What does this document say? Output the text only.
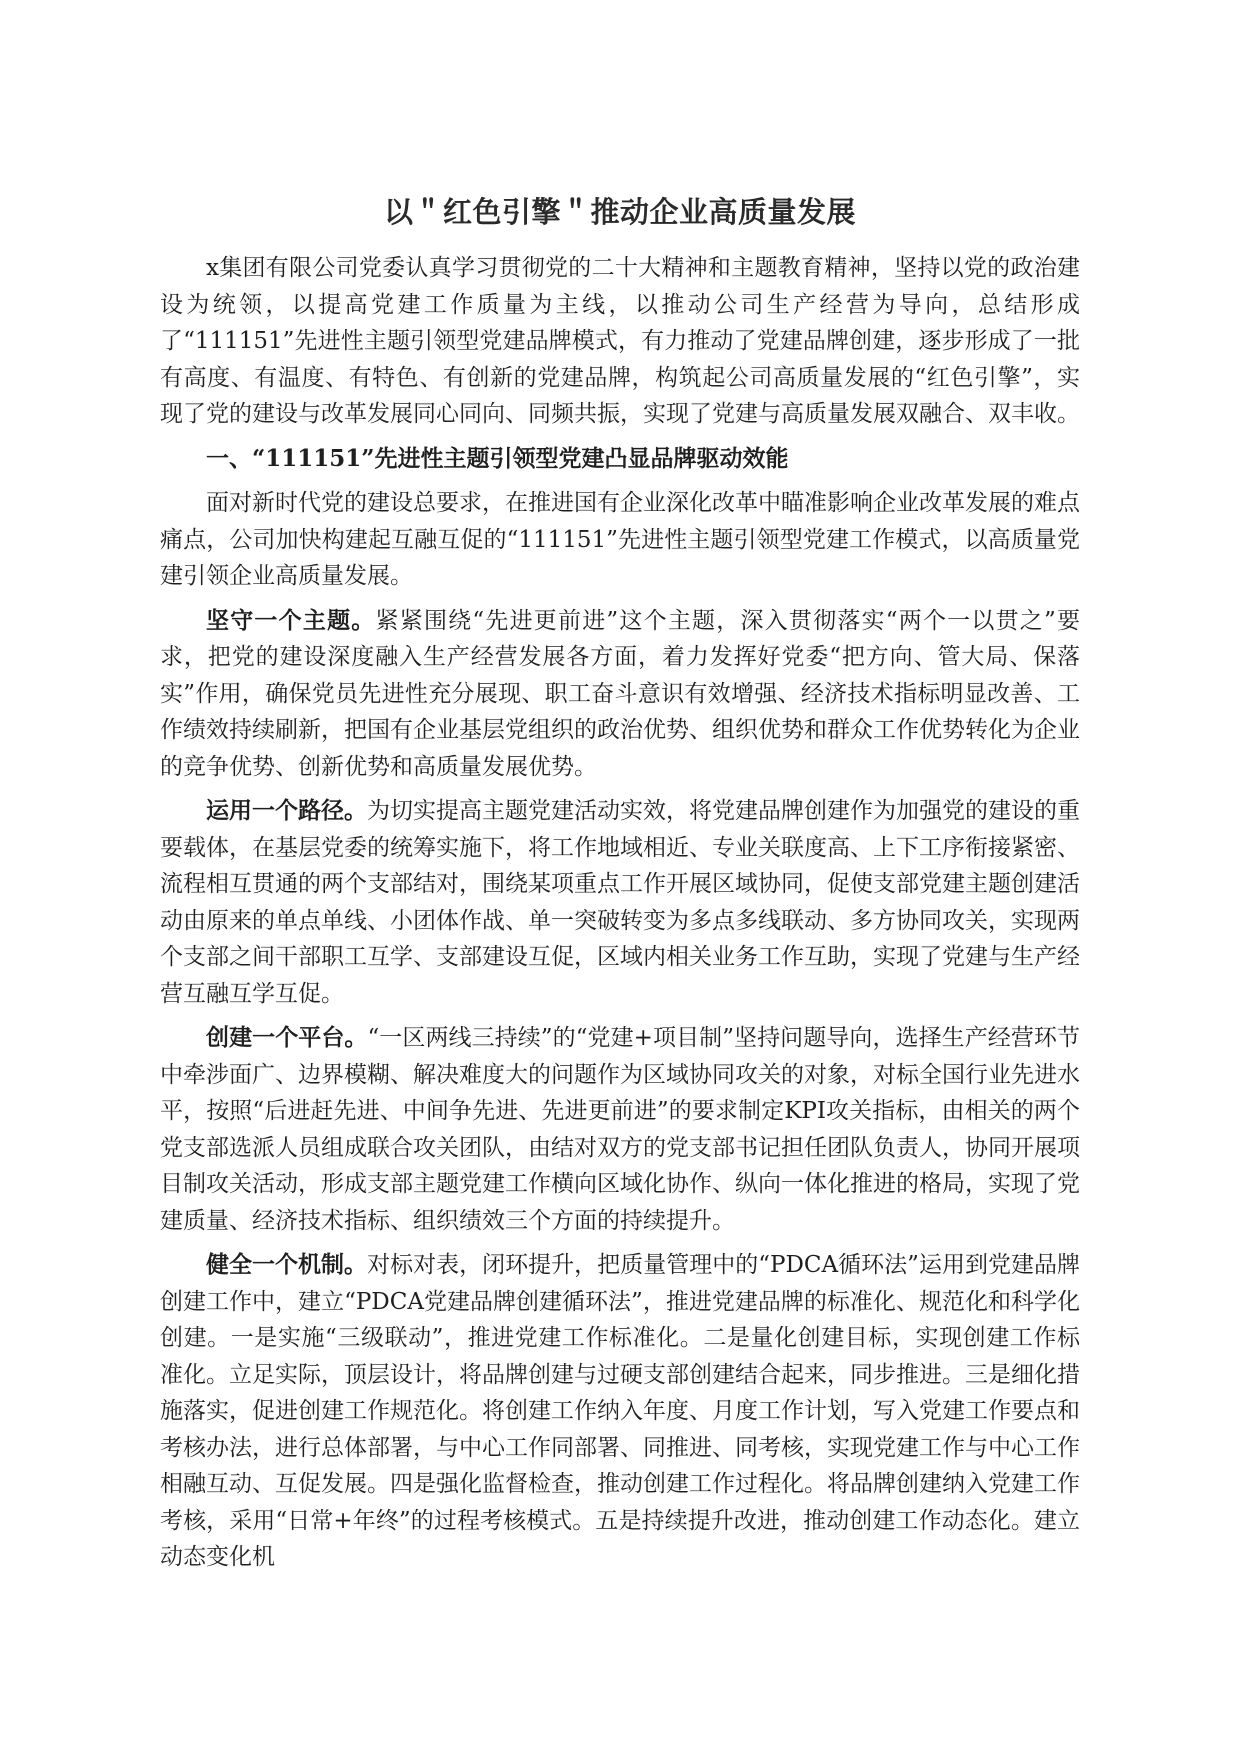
以＂红色引擎＂推动企业高质量发展

x集团有限公司党委认真学习贯彻党的二十大精神和主题教育精神，坚持以党的政治建设为统领，以提高党建工作质量为主线，以推动公司生产经营为导向，总结形成了“111151”先进性主题引领型党建品牌模式，有力推动了党建品牌创建，逐步形成了一批有高度、有温度、有特色、有创新的党建品牌，构筑起公司高质量发展的“红色引擎”，实现了党的建设与改革发展同心同向、同频共振，实现了党建与高质量发展双融合、双丰收。

一、“111151”先进性主题引领型党建凸显品牌驱动效能

面对新时代党的建设总要求，在推进国有企业深化改革中瞄准影响企业改革发展的难点痛点，公司加快构建起互融互促的“111151”先进性主题引领型党建工作模式，以高质量党建引领企业高质量发展。

坚守一个主题。紧紧围绕“先进更前进”这个主题，深入贯彻落实“两个一以贯之”要求，把党的建设深度融入生产经营发展各方面，着力发挥好党委“把方向、管大局、保落实”作用，确保党员先进性充分展现、职工奋斗意识有效增强、经济技术指标明显改善、工作绩效持续刷新，把国有企业基层党组织的政治优势、组织优势和群众工作优势转化为企业的竞争优势、创新优势和高质量发展优势。

运用一个路径。为切实提高主题党建活动实效，将党建品牌创建作为加强党的建设的重要载体，在基层党委的统筹实施下，将工作地域相近、专业关联度高、上下工序衔接紧密、流程相互贯通的两个支部结对，围绕某项重点工作开展区域协同，促使支部党建主题创建活动由原来的单点单线、小团体作战、单一突破转变为多点多线联动、多方协同攻关，实现两个支部之间干部职工互学、支部建设互促，区域内相关业务工作互助，实现了党建与生产经营互融互学互促。

创建一个平台。“一区两线三持续”的“党建+项目制”坚持问题导向，选择生产经营环节中牵涉面广、边界模糊、解决难度大的问题作为区域协同攻关的对象，对标全国行业先进水平，按照“后进赶先进、中间争先进、先进更前进”的要求制定KPI攻关指标，由相关的两个党支部选派人员组成联合攻关团队，由结对双方的党支部书记担任团队负责人，协同开展项目制攻关活动，形成支部主题党建工作横向区域化协作、纵向一体化推进的格局，实现了党建质量、经济技术指标、组织绩效三个方面的持续提升。

健全一个机制。对标对表，闭环提升，把质量管理中的“PDCA循环法”运用到党建品牌创建工作中，建立“PDCA党建品牌创建循环法”，推进党建品牌的标准化、规范化和科学化创建。一是实施“三级联动”，推进党建工作标准化。二是量化创建目标，实现创建工作标准化。立足实际，顶层设计，将品牌创建与过硬支部创建结合起来，同步推进。三是细化措施落实，促进创建工作规范化。将创建工作纳入年度、月度工作计划，写入党建工作要点和考核办法，进行总体部署，与中心工作同部署、同推进、同考核，实现党建工作与中心工作相融互动、互促发展。四是强化监督检查，推动创建工作过程化。将品牌创建纳入党建工作考核，采用“日常+年终”的过程考核模式。五是持续提升改进，推动创建工作动态化。建立动态变化机
